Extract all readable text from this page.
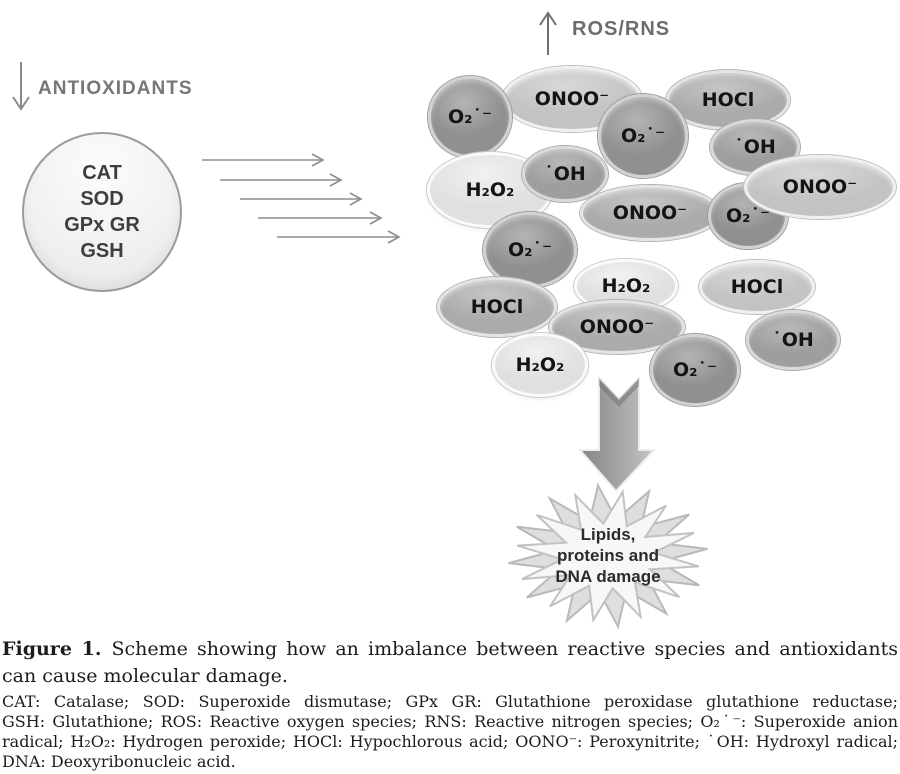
ANTIOXIDANTS
ROS/RNS
CAT
SOD
GPx GR
GSH
ONOO⁻	HOCl
O₂˙⁻
O₂˙⁻	˙OH
H₂O₂
˙OH
ONOO⁻ O₂˙⁻
ONOO⁻
O₂˙⁻
H₂O₂	HOCl
HOCl
ONOO⁻
˙OH
O₂˙⁻
H₂O₂
Lipids,
proteins and
DNA damage
Figure 1. Scheme showing how an imbalance between reactive species and antioxidants
can cause molecular damage.
CAT: Catalase; SOD: Superoxide dismutase; GPx GR: Glutathione peroxidase glutathione reductase;
GSH: Glutathione; ROS: Reactive oxygen species; RNS: Reactive nitrogen species; O₂˙⁻: Superoxide anion
radical; H₂O₂: Hydrogen peroxide; HOCl: Hypochlorous acid; OONO⁻: Peroxynitrite; ˙OH: Hydroxyl radical;
DNA: Deoxyribonucleic acid.
